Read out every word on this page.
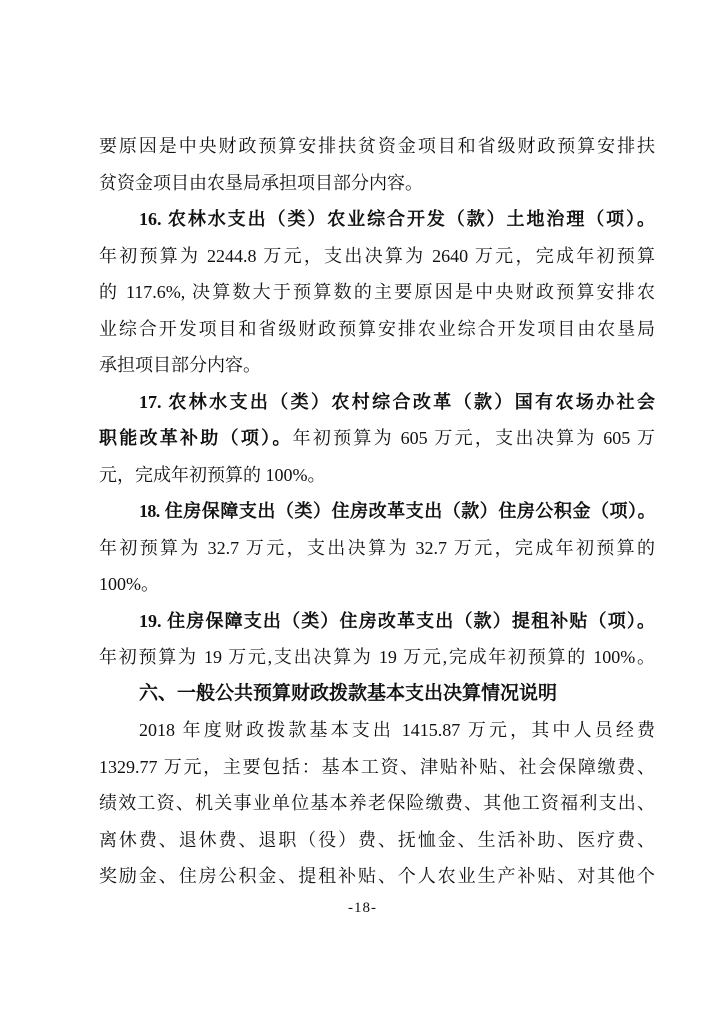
要原因是中央财政预算安排扶贫资金项目和省级财政预算安排扶
贫资金项目由农垦局承担项目部分内容。
16. 农林水支出（类）农业综合开发（款）土地治理（项）。
年初预算为 2244.8 万元，支出决算为 2640 万元，完成年初预算
的 117.6%, 决算数大于预算数的主要原因是中央财政预算安排农
业综合开发项目和省级财政预算安排农业综合开发项目由农垦局
承担项目部分内容。
17. 农林水支出（类）农村综合改革（款）国有农场办社会
职能改革补助（项）。年初预算为 605 万元，支出决算为 605 万
元，完成年初预算的 100%。
18. 住房保障支出（类）住房改革支出（款）住房公积金（项）。
年初预算为 32.7 万元，支出决算为 32.7 万元，完成年初预算的
100%。
19. 住房保障支出（类）住房改革支出（款）提租补贴（项）。
年初预算为 19 万元,支出决算为 19 万元,完成年初预算的 100%。
六、一般公共预算财政拨款基本支出决算情况说明
2018 年度财政拨款基本支出 1415.87 万元，其中人员经费
1329.77 万元，主要包括：基本工资、津贴补贴、社会保障缴费、
绩效工资、机关事业单位基本养老保险缴费、其他工资福利支出、
离休费、退休费、退职（役）费、抚恤金、生活补助、医疗费、
奖励金、住房公积金、提租补贴、个人农业生产补贴、对其他个
-18-
